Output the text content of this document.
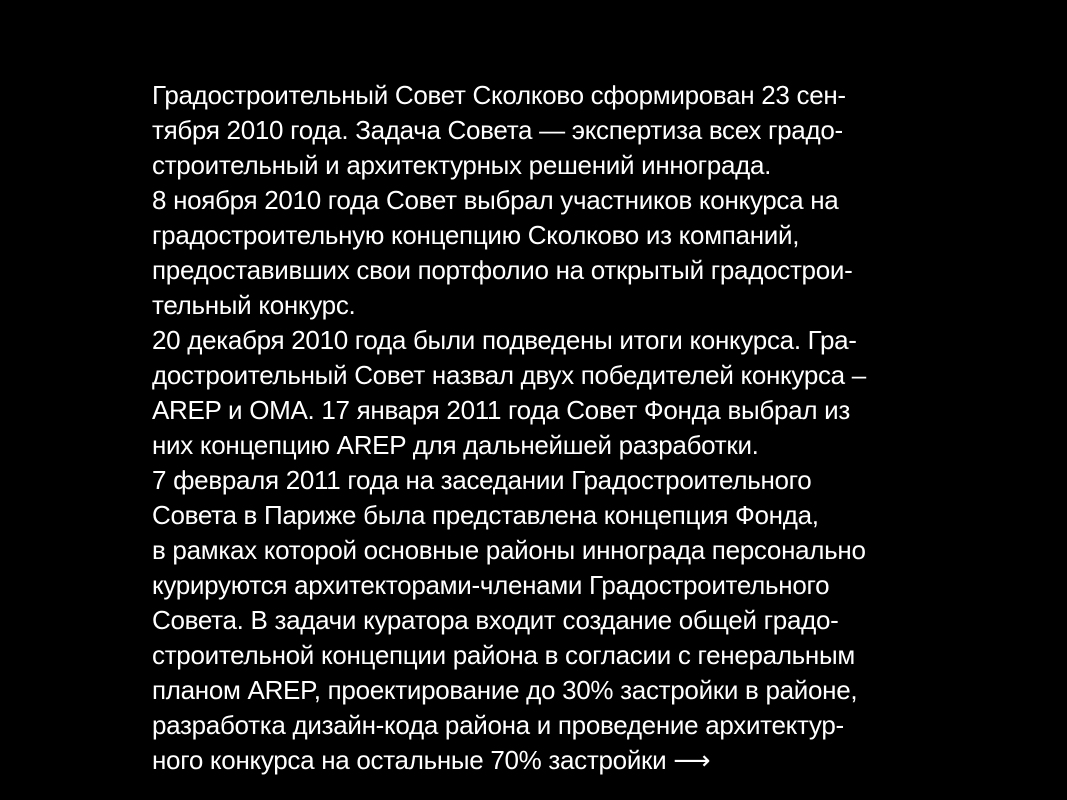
Градостроительный Совет Сколково сформирован 23 сен-
тября 2010 года. Задача Совета — экспертиза всех градо-
строительный и архитектурных решений иннограда.
8 ноября 2010 года Совет выбрал участников конкурса на
градостроительную концепцию Сколково из компаний,
предоставивших свои портфолио на открытый градострои-
тельный конкурс.
20 декабря 2010 года были подведены итоги конкурса. Гра-
достроительный Совет назвал двух победителей конкурса –
AREP и ОМА. 17 января 2011 года Совет Фонда выбрал из
них концепцию AREP для дальнейшей разработки.
7 февраля 2011 года на заседании Градостроительного
Совета в Париже была представлена концепция Фонда,
в рамках которой основные районы иннограда персонально
курируются архитекторами-членами Градостроительного
Совета. В задачи куратора входит создание общей градо-
строительной концепции района в согласии с генеральным
планом AREP, проектирование до 30% застройки в районе,
разработка дизайн-кода района и проведение архитектур-
ного конкурса на остальные 70% застройки ⟶
